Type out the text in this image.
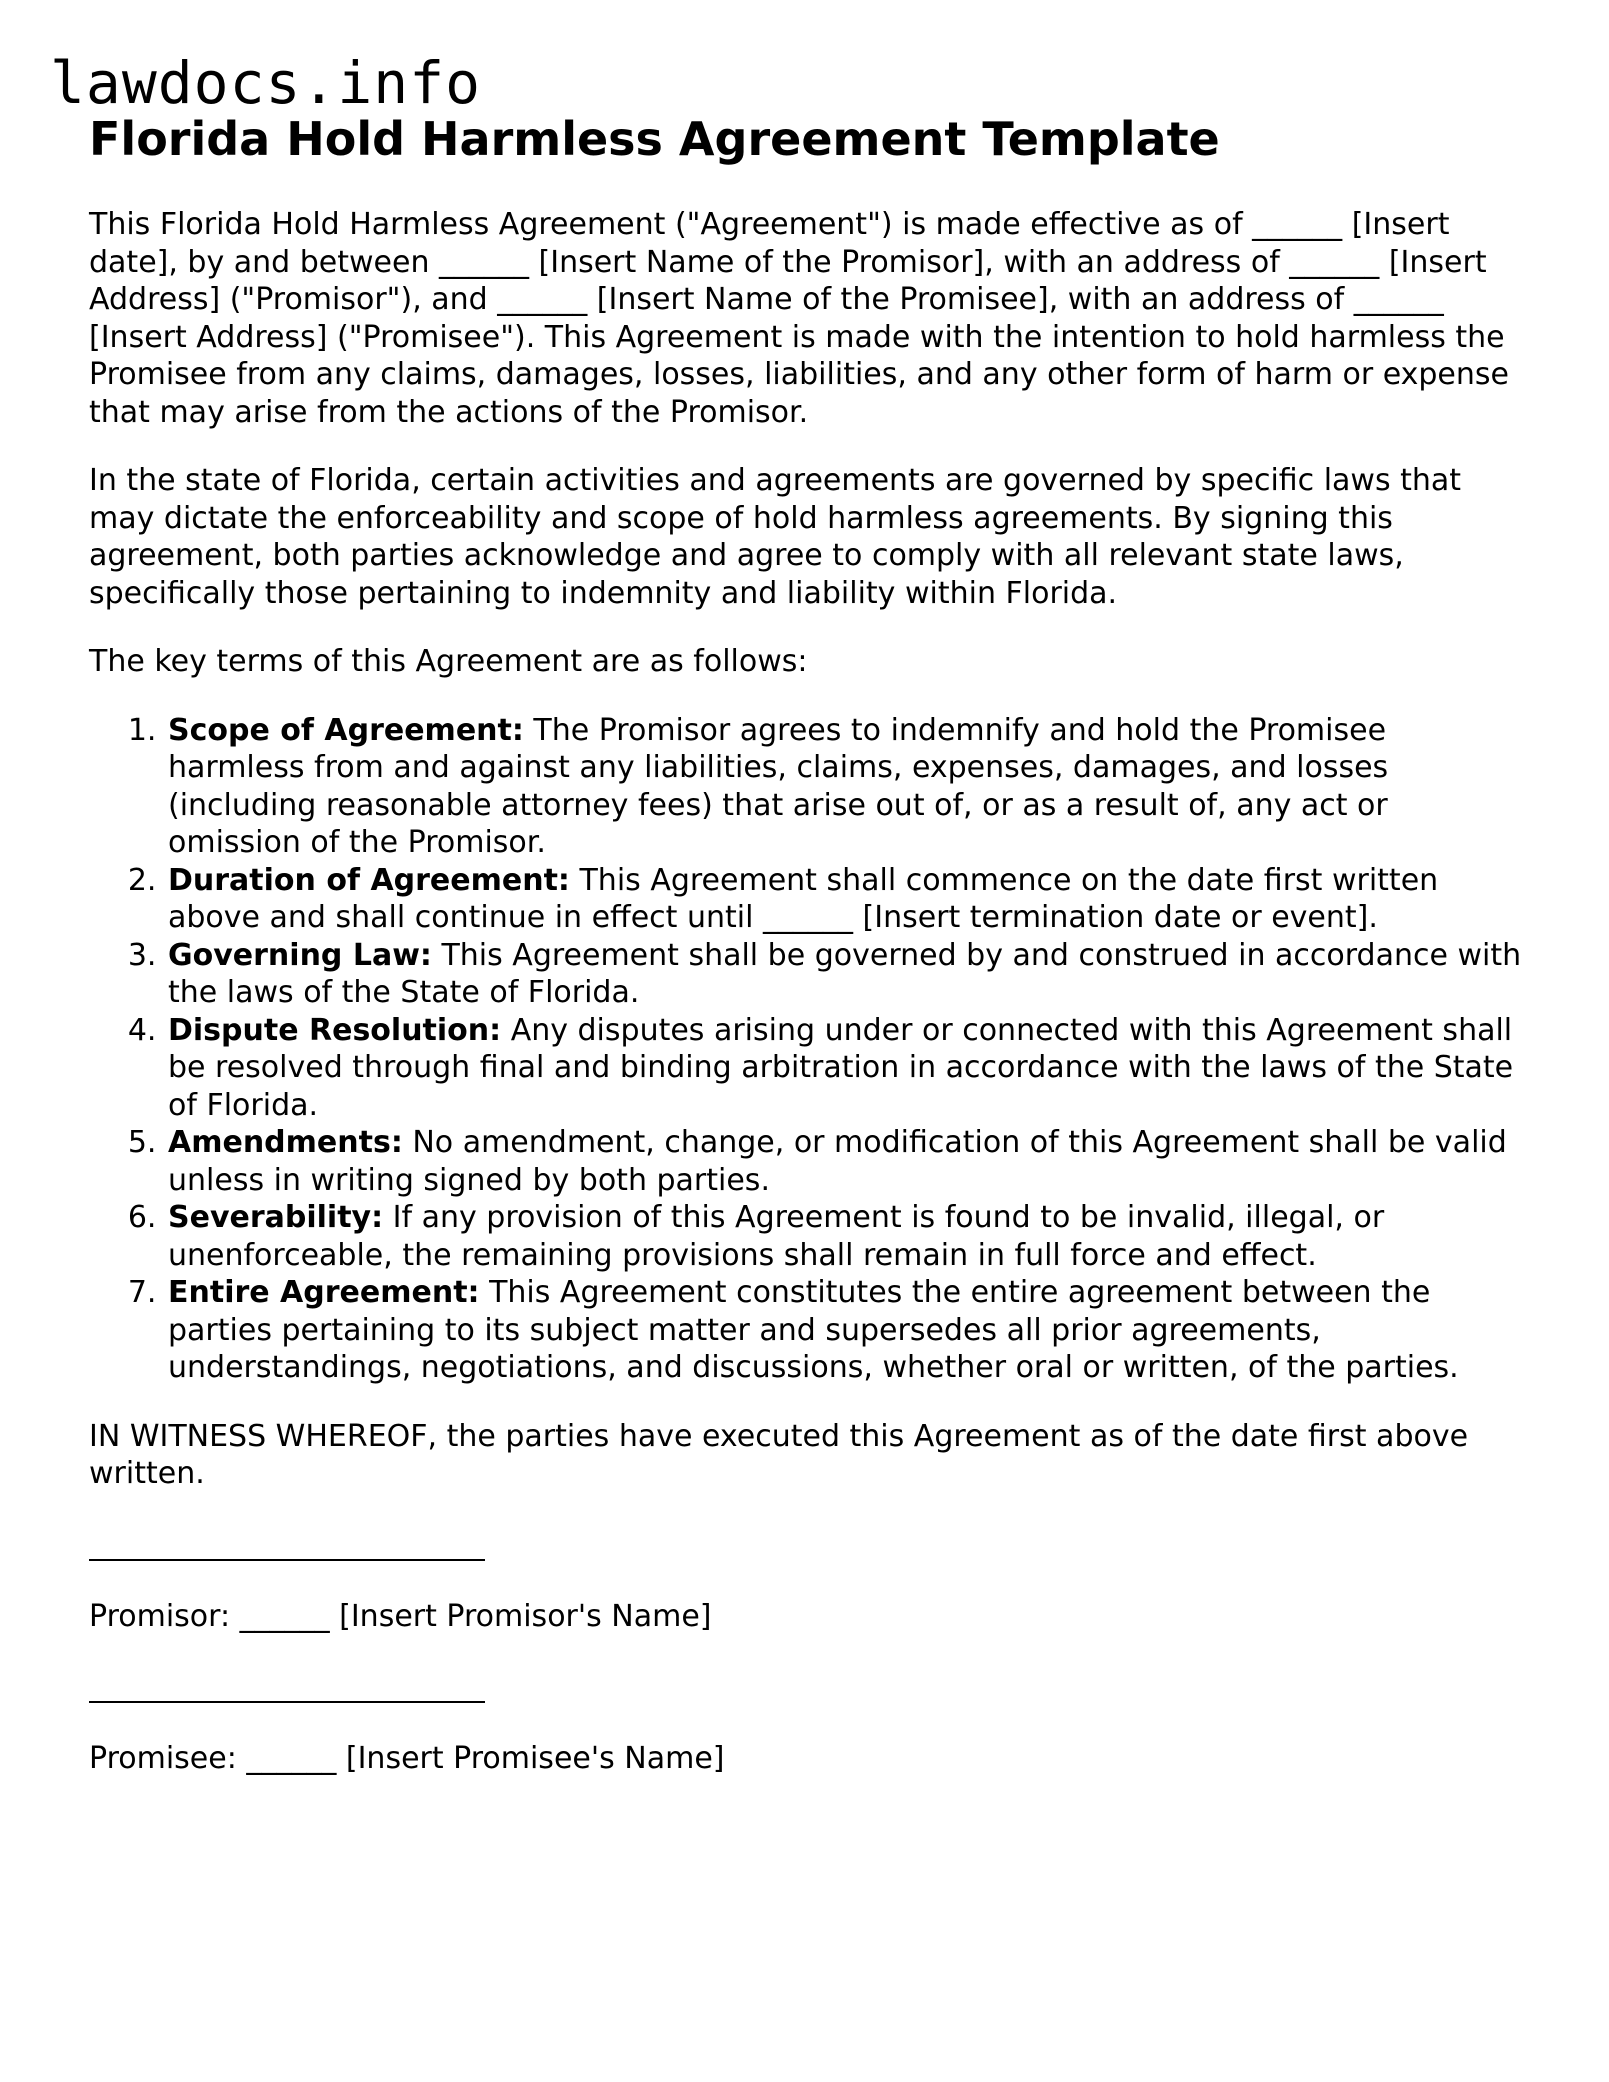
lawdocs.info
Florida Hold Harmless Agreement Template

This Florida Hold Harmless Agreement ("Agreement") is made effective as of ______ [Insert date], by and between ______ [Insert Name of the Promisor], with an address of ______ [Insert Address] ("Promisor"), and ______ [Insert Name of the Promisee], with an address of ______ [Insert Address] ("Promisee"). This Agreement is made with the intention to hold harmless the Promisee from any claims, damages, losses, liabilities, and any other form of harm or expense that may arise from the actions of the Promisor.

In the state of Florida, certain activities and agreements are governed by specific laws that may dictate the enforceability and scope of hold harmless agreements. By signing this agreement, both parties acknowledge and agree to comply with all relevant state laws, specifically those pertaining to indemnity and liability within Florida.

The key terms of this Agreement are as follows:

1. Scope of Agreement: The Promisor agrees to indemnify and hold the Promisee harmless from and against any liabilities, claims, expenses, damages, and losses (including reasonable attorney fees) that arise out of, or as a result of, any act or omission of the Promisor.
2. Duration of Agreement: This Agreement shall commence on the date first written above and shall continue in effect until ______ [Insert termination date or event].
3. Governing Law: This Agreement shall be governed by and construed in accordance with the laws of the State of Florida.
4. Dispute Resolution: Any disputes arising under or connected with this Agreement shall be resolved through final and binding arbitration in accordance with the laws of the State of Florida.
5. Amendments: No amendment, change, or modification of this Agreement shall be valid unless in writing signed by both parties.
6. Severability: If any provision of this Agreement is found to be invalid, illegal, or unenforceable, the remaining provisions shall remain in full force and effect.
7. Entire Agreement: This Agreement constitutes the entire agreement between the parties pertaining to its subject matter and supersedes all prior agreements, understandings, negotiations, and discussions, whether oral or written, of the parties.

IN WITNESS WHEREOF, the parties have executed this Agreement as of the date first above written.

Promisor: ______ [Insert Promisor's Name]

Promisee: ______ [Insert Promisee's Name]
